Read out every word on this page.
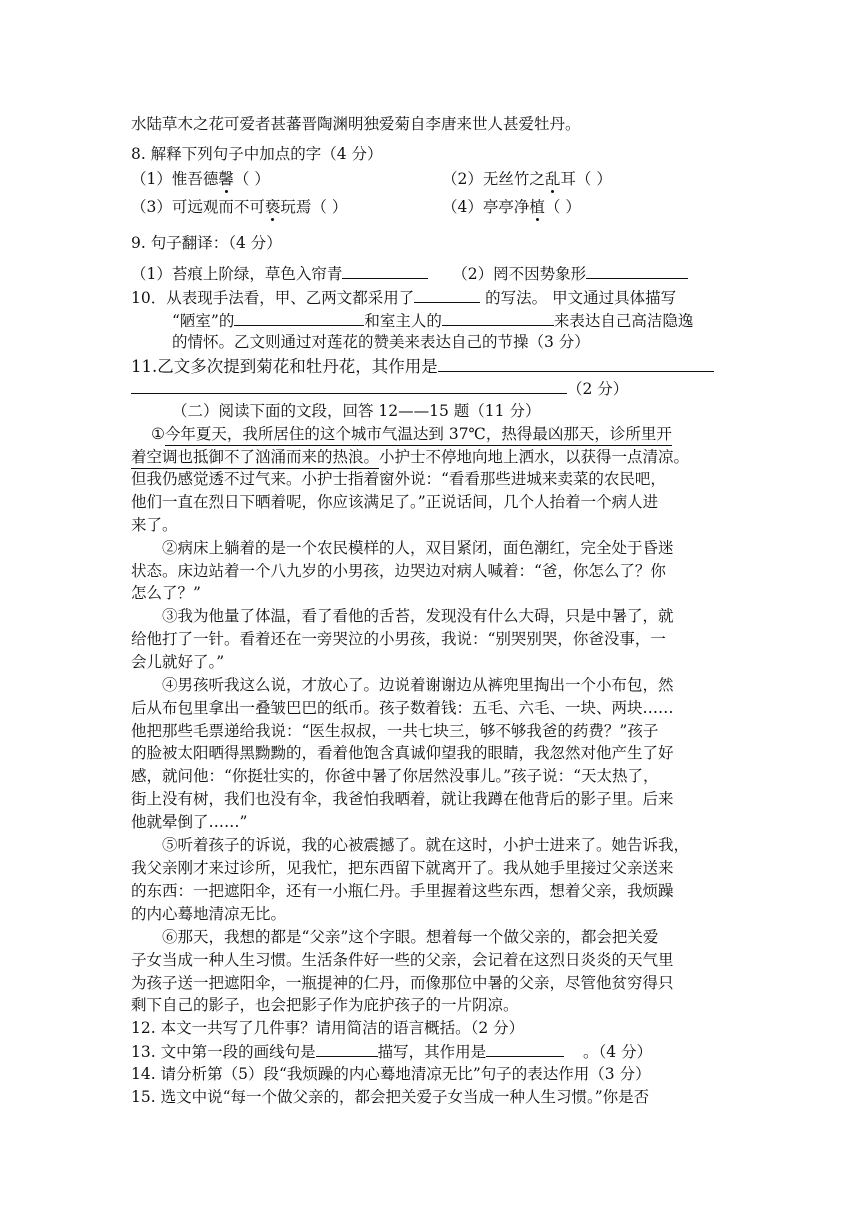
水陆草木之花可爱者甚蕃晋陶渊明独爱菊自李唐来世人甚爱牡丹。
8. 解释下列句子中加点的字（4 分）
（1）惟吾德馨（ ）	（2）无丝竹之乱耳（ ）
（3）可远观而不可亵玩焉（ ）	（4）亭亭净植（ ）
9. 句子翻译：（4 分）
（1）苔痕上阶绿，草色入帘青	（2）罔不因势象形
10．从表现手法看，甲、乙两文都采用了	的写法。 甲文通过具体描写
“陋室”的	和室主人的	来表达自己高洁隐逸
的情怀。乙文则通过对莲花的赞美来表达自己的节操（3 分）
11.乙文多次提到菊花和牡丹花，其作用是
（2 分）
（二）阅读下面的文段，回答 12——15 题（11 分）
①今年夏天，我所居住的这个城市气温达到 37℃，热得最凶那天，诊所里开
着空调也抵御不了汹涌而来的热浪。小护士不停地向地上洒水，以获得一点清凉。
但我仍感觉透不过气来。小护士指着窗外说：“看看那些进城来卖菜的农民吧，
他们一直在烈日下晒着呢，你应该满足了。”正说话间，几个人抬着一个病人进
来了。
②病床上躺着的是一个农民模样的人，双目紧闭，面色潮红，完全处于昏迷
状态。床边站着一个八九岁的小男孩，边哭边对病人喊着：“爸，你怎么了？你
怎么了？”
③我为他量了体温，看了看他的舌苔，发现没有什么大碍，只是中暑了，就
给他打了一针。看着还在一旁哭泣的小男孩，我说：“别哭别哭，你爸没事，一
会儿就好了。”
④男孩听我这么说，才放心了。边说着谢谢边从裤兜里掏出一个小布包，然
后从布包里拿出一叠皱巴巴的纸币。孩子数着钱：五毛、六毛、一块、两块……
他把那些毛票递给我说：“医生叔叔，一共七块三，够不够我爸的药费？”孩子
的脸被太阳晒得黑黝黝的，看着他饱含真诚仰望我的眼睛，我忽然对他产生了好
感，就问他：“你挺壮实的，你爸中暑了你居然没事儿。”孩子说：“天太热了，
街上没有树，我们也没有伞，我爸怕我晒着，就让我蹲在他背后的影子里。后来
他就晕倒了……”
⑤听着孩子的诉说，我的心被震撼了。就在这时，小护士进来了。她告诉我，
我父亲刚才来过诊所，见我忙，把东西留下就离开了。我从她手里接过父亲送来
的东西：一把遮阳伞，还有一小瓶仁丹。手里握着这些东西，想着父亲，我烦躁
的内心蓦地清凉无比。
⑥那天，我想的都是“父亲”这个字眼。想着每一个做父亲的，都会把关爱
子女当成一种人生习惯。生活条件好一些的父亲，会记着在这烈日炎炎的天气里
为孩子送一把遮阳伞，一瓶提神的仁丹，而像那位中暑的父亲，尽管他贫穷得只
剩下自己的影子，也会把影子作为庇护孩子的一片阴凉。
12. 本文一共写了几件事？请用简洁的语言概括。（2 分）
13. 文中第一段的画线句是	描写，其作用是	。（4 分）
14. 请分析第（5）段“我烦躁的内心蓦地清凉无比”句子的表达作用（3 分）
15. 选文中说“每一个做父亲的，都会把关爱子女当成一种人生习惯。”你是否
